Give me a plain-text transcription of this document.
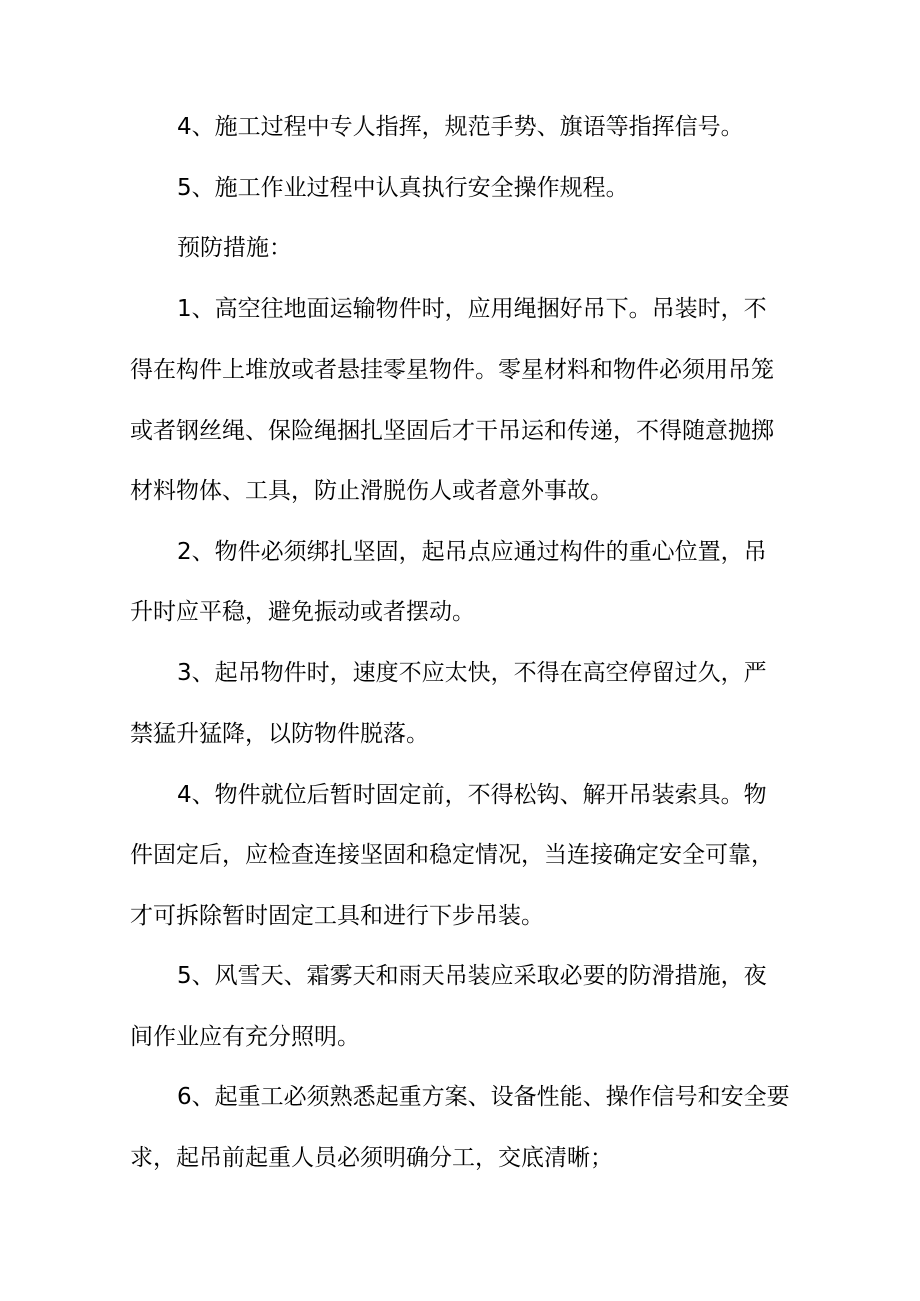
4、施工过程中专人指挥，规范手势、旗语等指挥信号。
5、施工作业过程中认真执行安全操作规程。
预防措施：
1、高空往地面运输物件时，应用绳捆好吊下。吊装时，不
得在构件上堆放或者悬挂零星物件。零星材料和物件必须用吊笼
或者钢丝绳、保险绳捆扎坚固后才干吊运和传递，不得随意抛掷
材料物体、工具，防止滑脱伤人或者意外事故。
2、物件必须绑扎坚固，起吊点应通过构件的重心位置，吊
升时应平稳，避免振动或者摆动。
3、起吊物件时，速度不应太快，不得在高空停留过久，严
禁猛升猛降，以防物件脱落。
4、物件就位后暂时固定前，不得松钩、解开吊装索具。物
件固定后，应检查连接坚固和稳定情况，当连接确定安全可靠，
才可拆除暂时固定工具和进行下步吊装。
5、风雪天、霜雾天和雨天吊装应采取必要的防滑措施，夜
间作业应有充分照明。
6、起重工必须熟悉起重方案、设备性能、操作信号和安全要
求，起吊前起重人员必须明确分工，交底清晰；
